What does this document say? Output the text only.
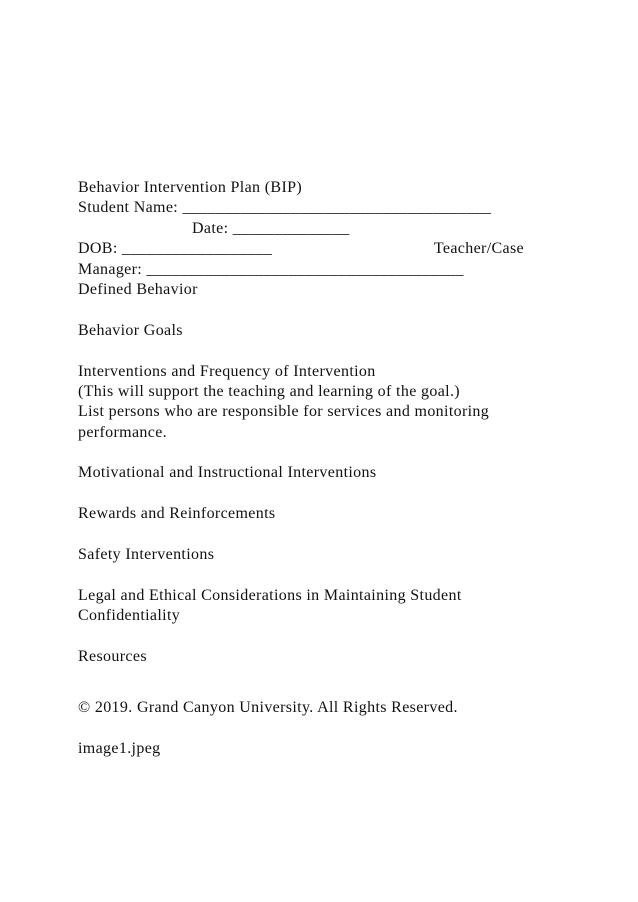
Behavior Intervention Plan (BIP)
Student Name: _____________________________________
Date: ______________
DOB: __________________	Teacher/Case
Manager: ______________________________________
Defined Behavior
Behavior Goals
Interventions and Frequency of Intervention
(This will support the teaching and learning of the goal.)
List persons who are responsible for services and monitoring
performance.
Motivational and Instructional Interventions
Rewards and Reinforcements
Safety Interventions
Legal and Ethical Considerations in Maintaining Student
Confidentiality
Resources
© 2019. Grand Canyon University. All Rights Reserved.
image1.jpeg
